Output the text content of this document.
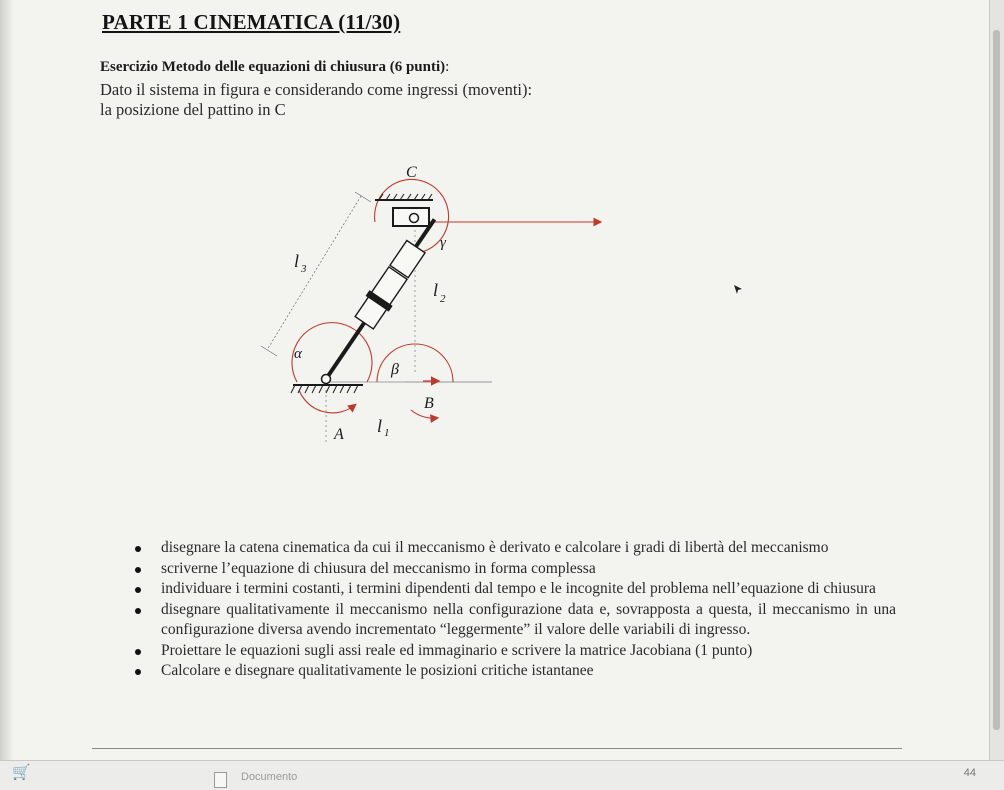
PARTE 1 CINEMATICA (11/30)
Esercizio Metodo delle equazioni di chiusura (6 punti):
Dato il sistema in figura e considerando come ingressi (moventi):
la posizione del pattino in C
C
γ
l $_3$
l $_2$
α
β
B
A l $_1$
disegnare la catena cinematica da cui il meccanismo è derivato e calcolare i gradi di libertà del meccanismo
scriverne l’equazione di chiusura del meccanismo in forma complessa
individuare i termini costanti, i termini dipendenti dal tempo e le incognite del problema nell’equazione di chiusura
disegnare qualitativamente il meccanismo nella configurazione data e, sovrapposta a questa, il meccanismo in una configurazione diversa avendo incrementato “leggermente” il valore delle variabili di ingresso.
Proiettare le equazioni sugli assi reale ed immaginario e scrivere la matrice Jacobiana (1 punto)
Calcolare e disegnare qualitativamente le posizioni critiche istantanee
🛒	Documento	44
